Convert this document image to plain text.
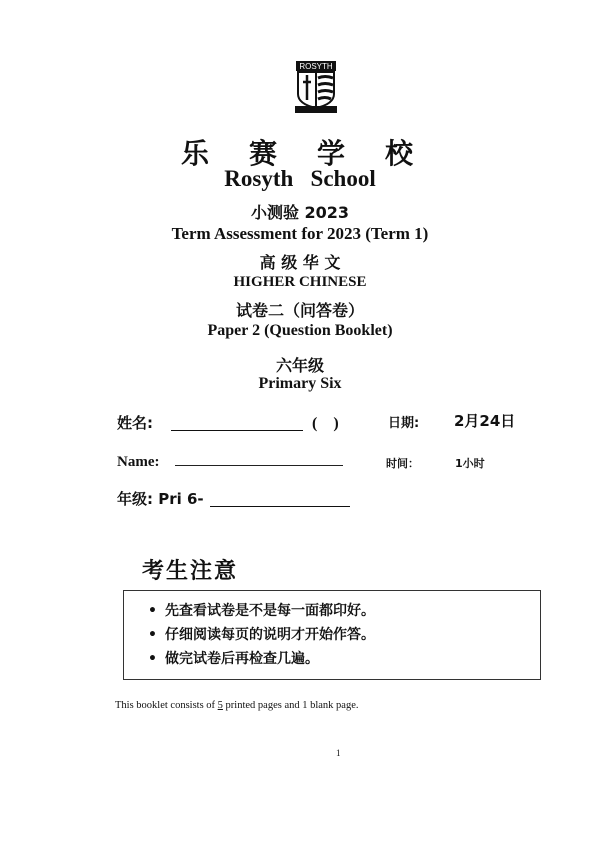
ROSYTH
乐　赛　学　校
Rosyth   School
小测验 2023
Term Assessment for 2023 (Term 1)
高 级 华 文
HIGHER CHINESE
试卷二（问答卷）
Paper 2 (Question Booklet)
六年级
Primary Six
姓名:	(　)	日期: 2月24日
Name:	时间：	1小时
年级: Pri 6-
考生注意
• 先查看试卷是不是每一面都印好。
• 仔细阅读每页的说明才开始作答。
• 做完试卷后再检查几遍。
This booklet consists of 5 printed pages and 1 blank page.
1
